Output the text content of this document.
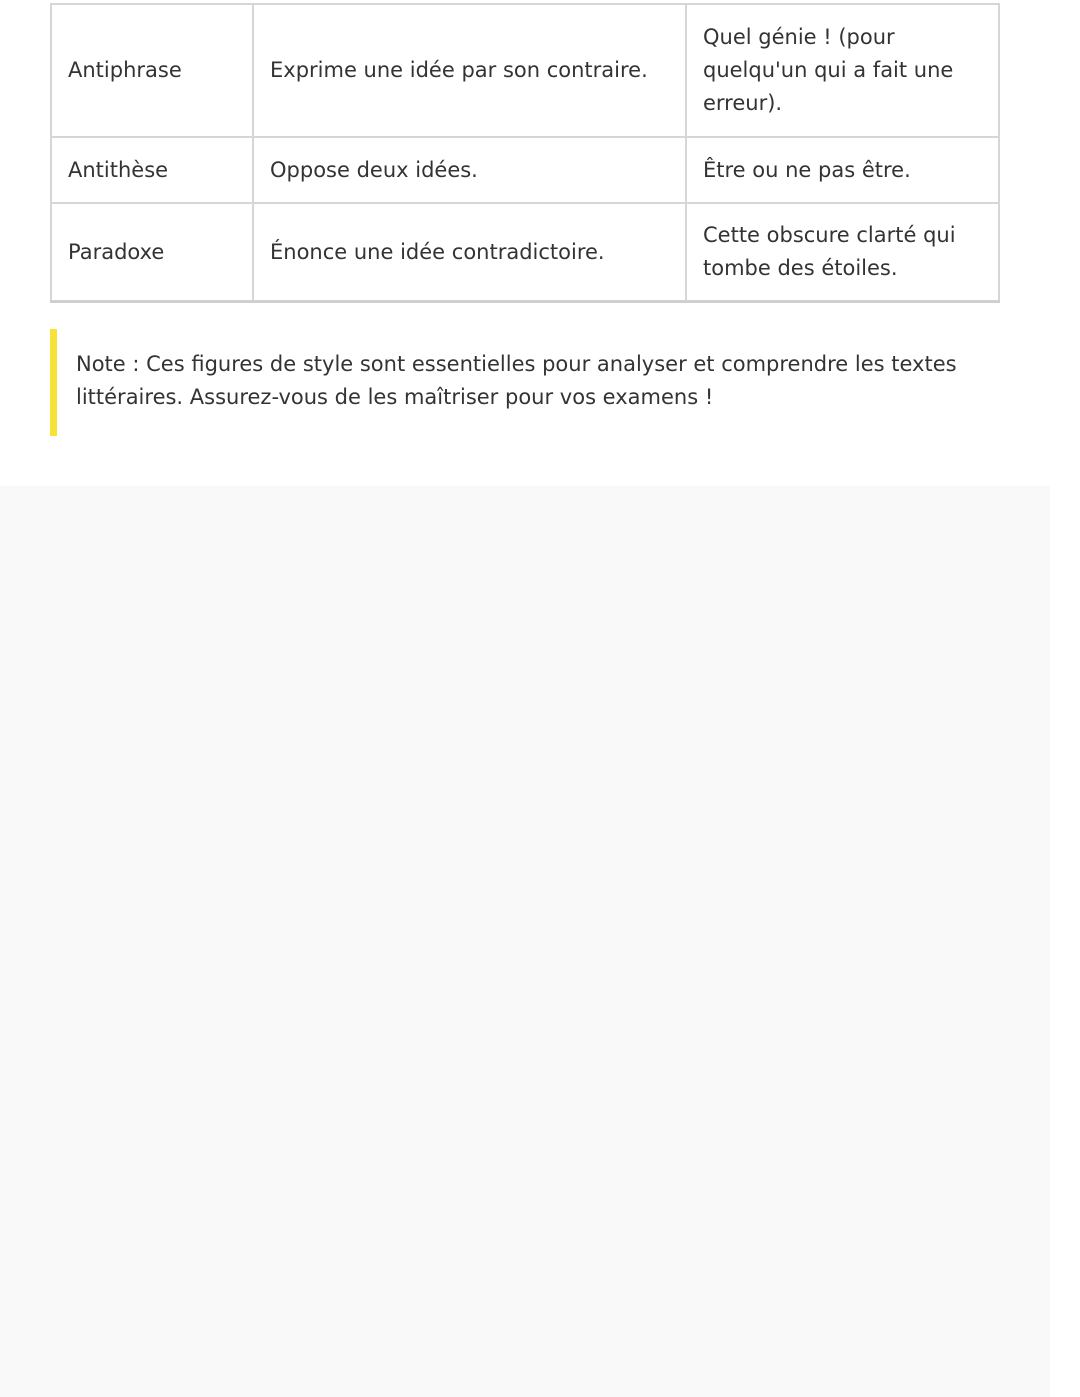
Antiphrase	Exprime une idée par son contraire.	Quel génie ! (pour quelqu'un qui a fait une erreur).
Antithèse	Oppose deux idées.	Être ou ne pas être.
Paradoxe	Énonce une idée contradictoire.	Cette obscure clarté qui tombe des étoiles.
Note : Ces figures de style sont essentielles pour analyser et comprendre les textes littéraires. Assurez-vous de les maîtriser pour vos examens !
